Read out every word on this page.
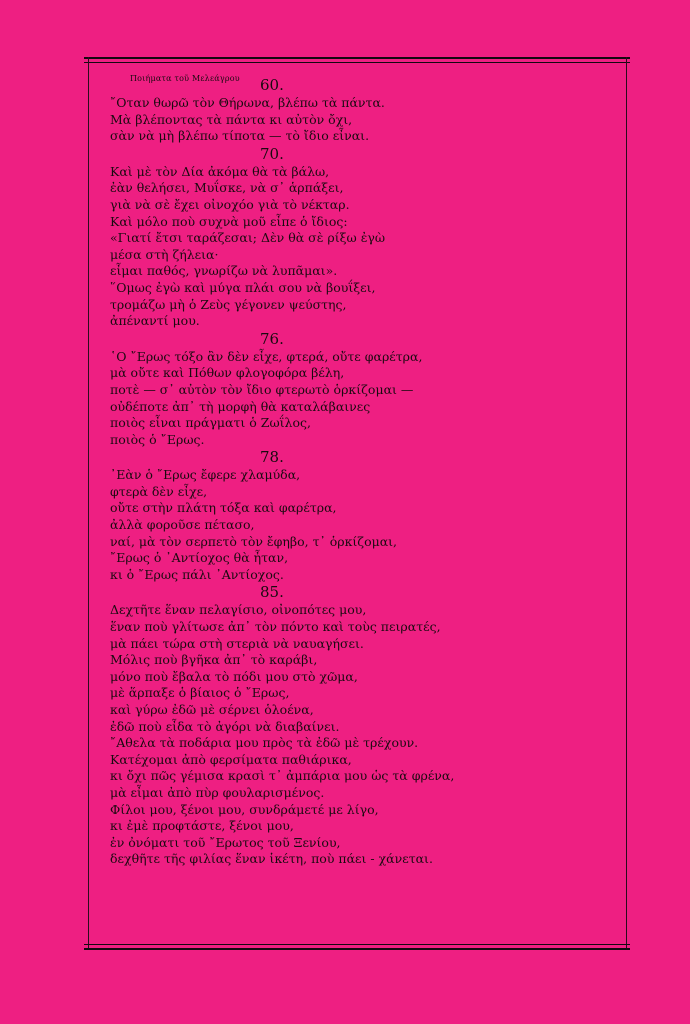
Ποιήματα τοῦ Μελεάγρου	60.

῎Οταν θωρῶ τὸν Θήρωνα, βλέπω τὰ πάντα.

Μὰ βλέποντας τὰ πάντα κι αὐτὸν ὄχι,

σὰν νὰ μὴ βλέπω τίποτα — τὸ ἴδιο εἶναι.

70.

Καὶ μὲ τὸν Δία ἀκόμα θὰ τὰ βάλω,

ἐὰν θελήσει, Μυΐσκε, νὰ σ᾽ ἁρπάξει,

γιὰ νὰ σὲ ἔχει οἰνοχόο γιὰ τὸ νέκταρ.

Καὶ μόλο ποὺ συχνὰ μοῦ εἶπε ὁ ἴδιος:

«Γιατί ἔτσι ταράζεσαι; Δὲν θὰ σὲ ρίξω ἐγὼ

μέσα στὴ ζήλεια·

εἶμαι παθός, γνωρίζω νὰ λυπᾶμαι».

῞Ομως ἐγὼ καὶ μύγα πλάι σου νὰ βουΐξει,

τρομάζω μὴ ὁ Ζεὺς γέγονεν ψεύστης,

ἀπέναντί μου.

76.

῾Ο ῎Ερως τόξο ἂν δὲν εἶχε, φτερά, οὔτε φαρέτρα,

μὰ οὔτε καὶ Πόθων φλογοφόρα βέλη,

ποτὲ — σ᾽ αὐτὸν τὸν ἴδιο φτερωτὸ ὁρκίζομαι —

οὐδέποτε ἀπ᾽ τὴ μορφὴ θὰ καταλάβαινες

ποιὸς εἶναι πράγματι ὁ Ζωΐλος,

ποιὸς ὁ ῎Ερως.

78.

᾿Εὰν ὁ ῎Ερως ἔφερε χλαμύδα,

φτερὰ δὲν εἶχε,

οὔτε στὴν πλάτη τόξα καὶ φαρέτρα,

ἀλλὰ φοροῦσε πέτασο,

ναί, μὰ τὸν σερπετὸ τὸν ἔφηβο, τ᾽ ὁρκίζομαι,

῎Ερως ὁ ᾿Αντίοχος θὰ ἦταν,

κι ὁ ῎Ερως πάλι ᾿Αντίοχος.

85.

Δεχτῆτε ἕναν πελαγίσιο, οἰνοπότες μου,

ἕναν ποὺ γλίτωσε ἀπ᾽ τὸν πόντο καὶ τοὺς πειρατές,

μὰ πάει τώρα στὴ στεριὰ νὰ ναυαγήσει.

Μόλις ποὺ βγῆκα ἀπ᾽ τὸ καράβι,

μόνο ποὺ ἔβαλα τὸ πόδι μου στὸ χῶμα,

μὲ ἅρπαξε ὁ βίαιος ὁ ῎Ερως,

καὶ γύρω ἐδῶ μὲ σέρνει ὁλοένα,

ἐδῶ ποὺ εἶδα τὸ ἀγόρι νὰ διαβαίνει.

῎Αθελα τὰ ποδάρια μου πρὸς τὰ ἐδῶ μὲ τρέχουν.

Κατέχομαι ἀπὸ φερσίματα παθιάρικα,

κι ὄχι πῶς γέμισα κρασὶ τ᾽ ἀμπάρια μου ὡς τὰ φρένα,

μὰ εἶμαι ἀπὸ πὺρ φουλαρισμένος.

Φίλοι μου, ξένοι μου, συνδράμετέ με λίγο,

κι ἐμὲ προφτάστε, ξένοι μου,

ἐν ὀνόματι τοῦ ῎Ερωτος τοῦ Ξενίου,

δεχθῆτε τῆς φιλίας ἕναν ἱκέτη, ποὺ πάει - χάνεται.
